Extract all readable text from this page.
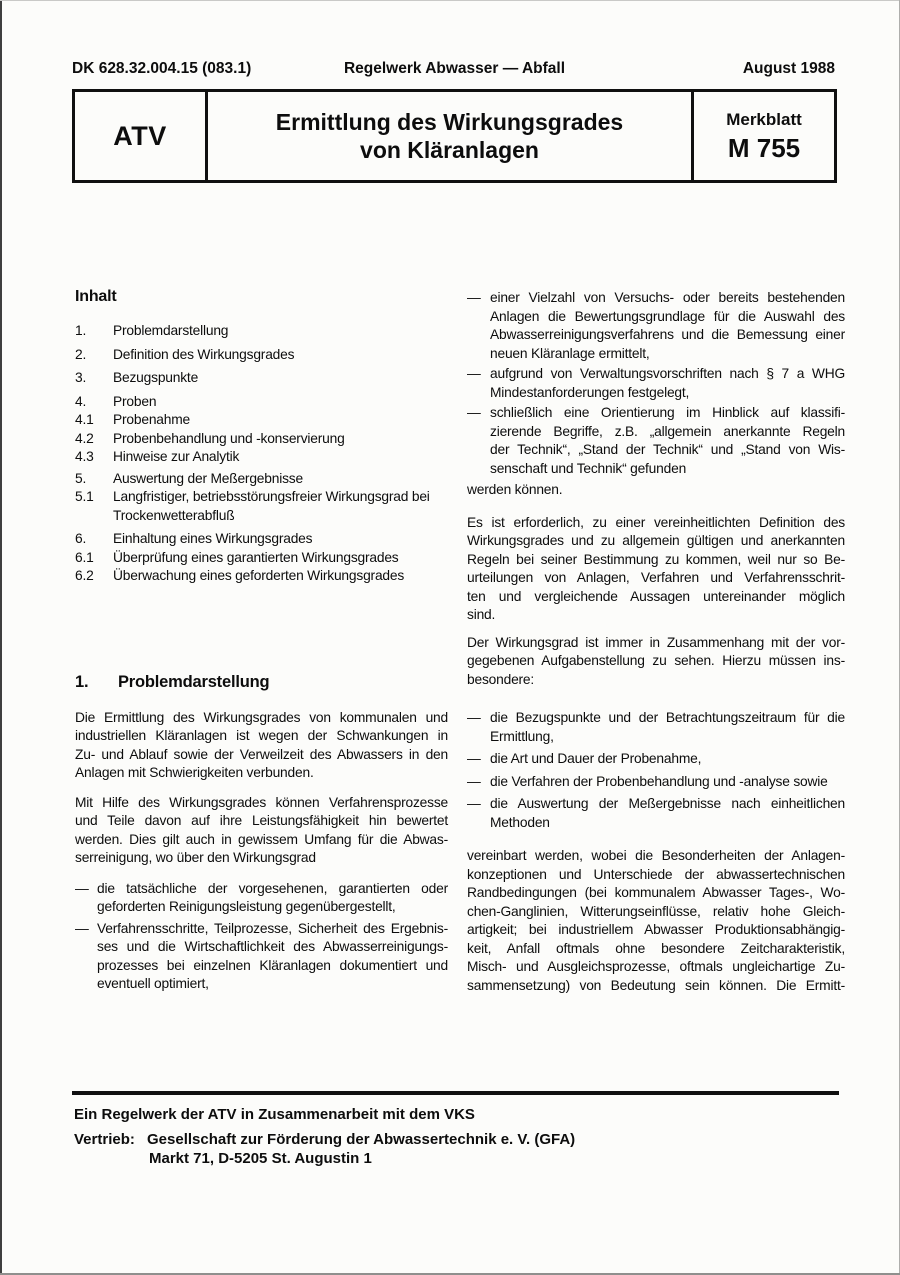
DK 628.32.004.15 (083.1)	Regelwerk Abwasser — Abfall	August 1988
ATV	Ermittlung des Wirkungsgrades
von Kläranlagen
Merkblatt
M 755
Inhalt
1.	Problemdarstellung
2.	Definition des Wirkungsgrades
3.	Bezugspunkte
4.	Proben
4.1	Probenahme
4.2	Probenbehandlung und -konservierung
4.3	Hinweise zur Analytik
5.	Auswertung der Meßergebnisse
5.1	Langfristiger, betriebsstörungsfreier Wirkungsgrad bei
Trockenwetterabfluß
6.	Einhaltung eines Wirkungsgrades
6.1	Überprüfung eines garantierten Wirkungsgrades
6.2	Überwachung eines geforderten Wirkungsgrades
1.	Problemdarstellung
Die Ermittlung des Wirkungsgrades von kommunalen und
industriellen Kläranlagen ist wegen der Schwankungen in
Zu- und Ablauf sowie der Verweilzeit des Abwassers in den
Anlagen mit Schwierigkeiten verbunden.
Mit Hilfe des Wirkungsgrades können Verfahrensprozesse
und Teile davon auf ihre Leistungsfähigkeit hin bewertet
werden. Dies gilt auch in gewissem Umfang für die Abwas-
serreinigung, wo über den Wirkungsgrad
— die tatsächliche der vorgesehenen, garantierten oder
geforderten Reinigungsleistung gegenübergestellt,
— Verfahrensschritte, Teilprozesse, Sicherheit des Ergebnis-
ses und die Wirtschaftlichkeit des Abwasserreinigungs-
prozesses bei einzelnen Kläranlagen dokumentiert und
eventuell optimiert,
— einer Vielzahl von Versuchs- oder bereits bestehenden
Anlagen die Bewertungsgrundlage für die Auswahl des
Abwasserreinigungsverfahrens und die Bemessung einer
neuen Kläranlage ermittelt,
— aufgrund von Verwaltungsvorschriften nach § 7 a WHG
Mindestanforderungen festgelegt,
— schließlich eine Orientierung im Hinblick auf klassifi-
zierende Begriffe, z.B. „allgemein anerkannte Regeln
der Technik“, „Stand der Technik“ und „Stand von Wis-
senschaft und Technik“ gefunden
werden können.
Es ist erforderlich, zu einer vereinheitlichten Definition des
Wirkungsgrades und zu allgemein gültigen und anerkannten
Regeln bei seiner Bestimmung zu kommen, weil nur so Be-
urteilungen von Anlagen, Verfahren und Verfahrensschrit-
ten und vergleichende Aussagen untereinander möglich
sind.
Der Wirkungsgrad ist immer in Zusammenhang mit der vor-
gegebenen Aufgabenstellung zu sehen. Hierzu müssen ins-
besondere:
— die Bezugspunkte und der Betrachtungszeitraum für die
Ermittlung,
— die Art und Dauer der Probenahme,
— die Verfahren der Probenbehandlung und -analyse sowie
— die Auswertung der Meßergebnisse nach einheitlichen
Methoden
vereinbart werden, wobei die Besonderheiten der Anlagen-
konzeptionen und Unterschiede der abwassertechnischen
Randbedingungen (bei kommunalem Abwasser Tages-, Wo-
chen-Ganglinien, Witterungseinflüsse, relativ hohe Gleich-
artigkeit; bei industriellem Abwasser Produktionsabhängig-
keit, Anfall oftmals ohne besondere Zeitcharakteristik,
Misch- und Ausgleichsprozesse, oftmals ungleichartige Zu-
sammensetzung) von Bedeutung sein können. Die Ermitt-
Ein Regelwerk der ATV in Zusammenarbeit mit dem VKS
Vertrieb: Gesellschaft zur Förderung der Abwassertechnik e. V. (GFA)
Markt 71, D-5205 St. Augustin 1
